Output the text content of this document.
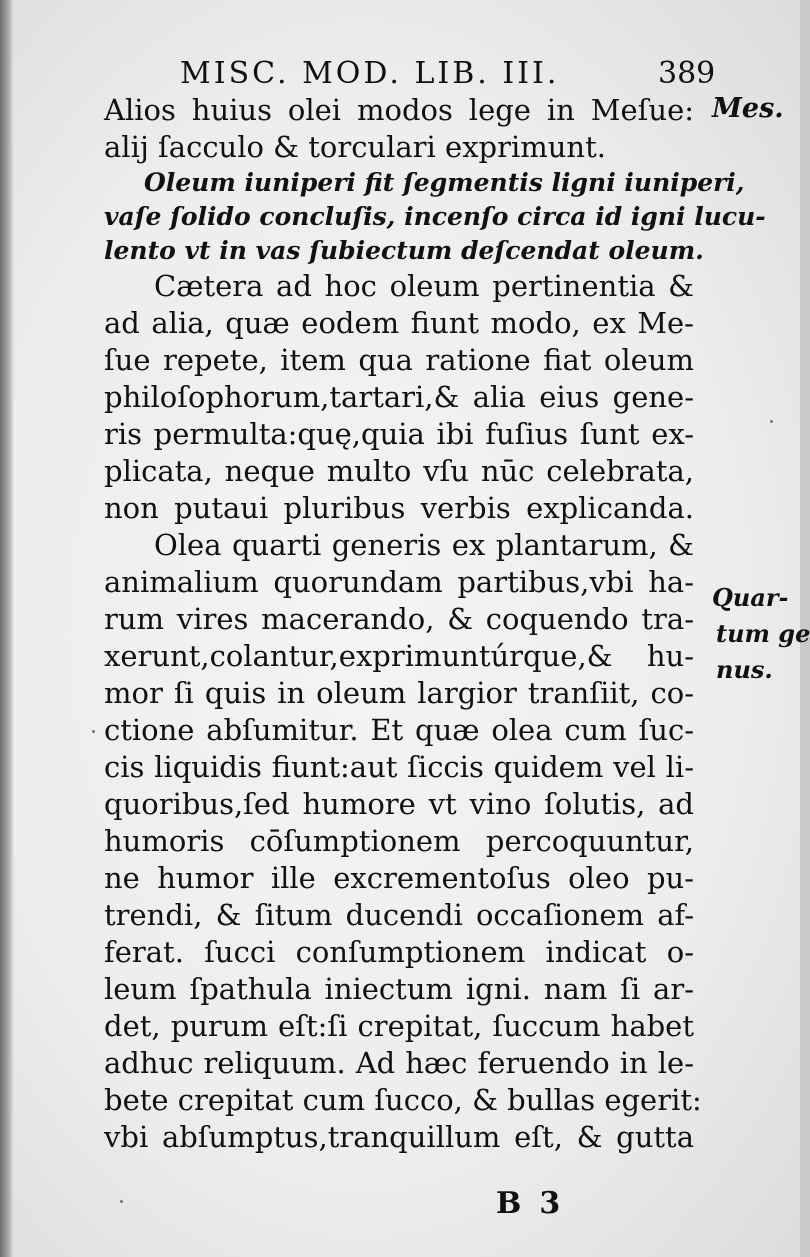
MISC. MOD. LIB. III.	389
Alios huius olei modos lege in Meſue:
alij ſacculo & torculari exprimunt.
Oleum iuniperi fit ſegmentis ligni iuniperi,
vaſe ſolido concluſis, incenſo circa id igni lucu-
lento vt in vas ſubiectum deſcendat oleum.
Cætera ad hoc oleum pertinentia &
ad alia, quæ eodem fiunt modo, ex Me-
ſue repete, item qua ratione fiat oleum
philoſophorum,tartari,& alia eius gene-
ris permulta:quę,quia ibi fuſius ſunt ex-
plicata, neque multo vſu nūc celebrata,
non putaui pluribus verbis explicanda.
Olea quarti generis ex plantarum, &
animalium quorundam partibus,vbi ha-
rum vires macerando, & coquendo tra-
xerunt,colantur,exprimuntúrque,& hu-
mor ſi quis in oleum largior tranſiit, co-
ctione abſumitur. Et quæ olea cum ſuc-
cis liquidis fiunt:aut ſiccis quidem vel li-
quoribus,ſed humore vt vino ſolutis, ad
humoris cōſumptionem percoquuntur,
ne humor ille excrementoſus oleo pu-
trendi, & ſitum ducendi occaſionem af-
ferat. ſucci conſumptionem indicat o-
leum ſpathula iniectum igni. nam ſi ar-
det, purum eſt:ſi crepitat, ſuccum habet
adhuc reliquum. Ad hæc feruendo in le-
bete crepitat cum ſucco, & bullas egerit:
vbi abſumptus,tranquillum eſt, & gutta
Mes.
Quar-
tum ge
nus.
B3
